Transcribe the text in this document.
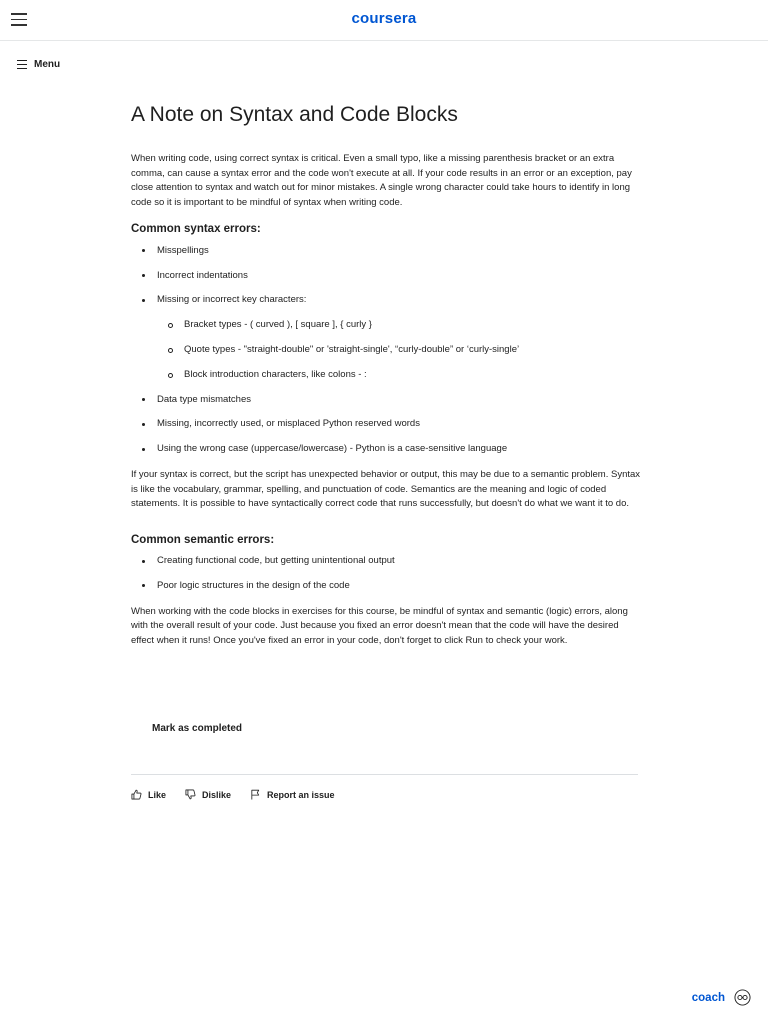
coursera
Menu
A Note on Syntax and Code Blocks

When writing code, using correct syntax is critical. Even a small typo, like a missing parenthesis bracket or an extra comma, can cause a syntax error and the code won't execute at all. If your code results in an error or an exception, pay close attention to syntax and watch out for minor mistakes. A single wrong character could take hours to identify in long code so it is important to be mindful of syntax when writing code.

Common syntax errors:
Misspellings
Incorrect indentations
Missing or incorrect key characters:
Bracket types - ( curved ), [ square ], { curly }
Quote types - "straight-double" or 'straight-single', “curly-double” or ‘curly-single’
Block introduction characters, like colons - :
Data type mismatches
Missing, incorrectly used, or misplaced Python reserved words
Using the wrong case (uppercase/lowercase) - Python is a case-sensitive language

If your syntax is correct, but the script has unexpected behavior or output, this may be due to a semantic problem. Syntax is like the vocabulary, grammar, spelling, and punctuation of code. Semantics are the meaning and logic of coded statements. It is possible to have syntactically correct code that runs successfully, but doesn't do what we want it to do.

Common semantic errors:
Creating functional code, but getting unintentional output
Poor logic structures in the design of the code

When working with the code blocks in exercises for this course, be mindful of syntax and semantic (logic) errors, along with the overall result of your code. Just because you fixed an error doesn't mean that the code will have the desired effect when it runs! Once you've fixed an error in your code, don't forget to click Run to check your work.

Mark as completed
Like	Dislike	Report an issue
coach
